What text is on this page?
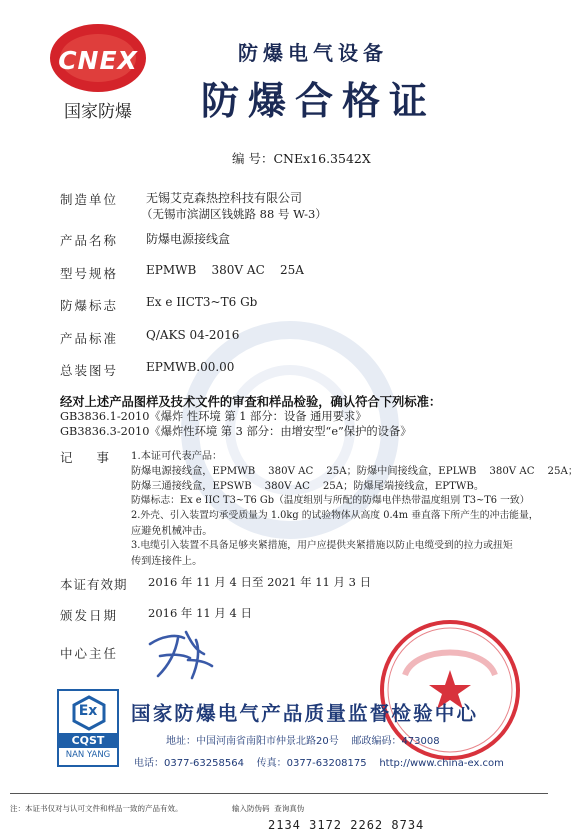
CNEX
国家防爆
防爆电气设备
防爆合格证
编 号：CNEx16.3542X
制造单位 无锡艾克森热控科技有限公司
（无锡市滨湖区钱姚路 88 号 W-3）
产品名称 防爆电源接线盒
型号规格 EPMWB    380V AC    25A
防爆标志 Ex e IICT3~T6 Gb
产品标准 Q/AKS 04-2016
总装图号 EPMWB.00.00
经对上述产品图样及技术文件的审查和样品检验，确认符合下列标准：
GB3836.1-2010《爆炸 性环境 第 1 部分：设备 通用要求》
GB3836.3-2010《爆炸性环境 第 3 部分：由增安型“e”保护的设备》
记 事 1.本证可代表产品：
防爆电源接线盒，EPMWB    380V AC    25A；防爆中间接线盒，EPLWB    380V AC    25A；
防爆三通接线盒，EPSWB    380V AC    25A；防爆尾端接线盒，EPTWB。
防爆标志：Ex e IIC T3~T6 Gb（温度组别与所配的防爆电伴热带温度组别 T3~T6 一致）
2.外壳、引入装置均承受质量为 1.0kg 的试验物体从高度 0.4m 垂直落下所产生的冲击能量，
应避免机械冲击。
3.电缆引入装置不具备足够夹紧措施，用户应提供夹紧措施以防止电缆受到的拉力或扭矩
传到连接件上。
本证有效期 2016 年 11 月 4 日至 2021 年 11 月 3 日
颁发日期	2016 年 11 月 4 日
中心主任
Ex
CQST
NAN YANG
国家防爆电气产品质量监督检验中心
地址：中国河南省南阳市仲景北路20号    邮政编码：473008
电话：0377-63258564    传真：0377-63208175    http://www.china-ex.com
注：本证书仅对与认可文件和样品一致的产品有效。	输入防伪码  查询真伪
2134 3172 2262 8734
